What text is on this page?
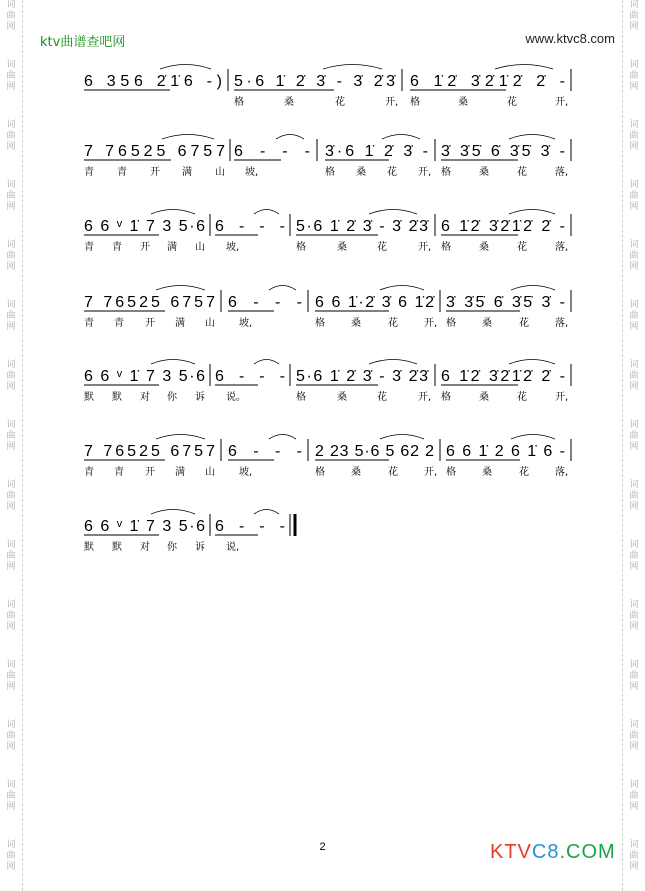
词
曲
网
词
曲
网
词
曲
网
词
曲
网
词
曲
网
词
曲
网
词
曲
网
词
曲
网
词
曲
网
词
曲
网
词
曲
网
词
曲
网
词
曲
网
词
曲
网
词
曲
网
词
曲
网
词
曲
网
词
曲
网
词
曲
网
词
曲
网
词
曲
网
词
曲
网
词
曲
网
词
曲
网
词
曲
网
词
曲
网
词
曲
网
词
曲
网
词
曲
网
词
曲
网
ktv曲谱查吧网	www.ktvc8.com
6 356 2̇1̇6 -) 5·6 1̇ 2̇ 3̇ - 3̇ 2̇3̇
格	桑	花	开,
6 1̇2̇ 3̇2̇1̇2̇ 2̇ -
格	桑	花	开,
7 76525 6757
青 青 开 满 山
6 - - -
坡,
3̇·6 1̇ 2̇ 3̇ -
格 桑 花 开,
3̇ 3̇5̇ 6̇ 3̇5̇ 3̇ -
格	桑	花	落,
6 6 ᵛ 1̇ 7 3 5·6
青 青 开 满 山
6 - - -
坡,
5·6 1̇ 2̇ 3̇ - 3̇ 2̇3̇
格	桑	花	开,
6 1̇2̇ 3̇2̇1̇2̇ 2̇ -
格	桑	花	落,
7 76525 6757
青 青 开 满 山
6 - - -
坡,
6 6 1̇·2̇ 3̇ 6 1̇2̇
格	桑	花	开,
3̇ 3̇5̇ 6̇ 3̇5̇ 3̇ -
格	桑	花	落,
6 6 ᵛ 1̇ 7 3 5·6
默 默 对 你 诉
6 - - -
说。
5·6 1̇ 2̇ 3̇ - 3̇ 2̇3̇
格	桑	花	开,
6 1̇2̇ 3̇2̇1̇2̇ 2̇ -
格	桑	花	开,
7 76525 6757
青 青 开 满 山
6 - - -
坡,
2 23 5·6 5 62 2
格	桑	花	开,
6 6 1̇ 2 6 1̇ 6 -
格	桑	花	落,
6 6 ᵛ 1̇ 7 3 5·6
默 默 对 你 诉
6 - - -
说,
2	KTVC8.COM
